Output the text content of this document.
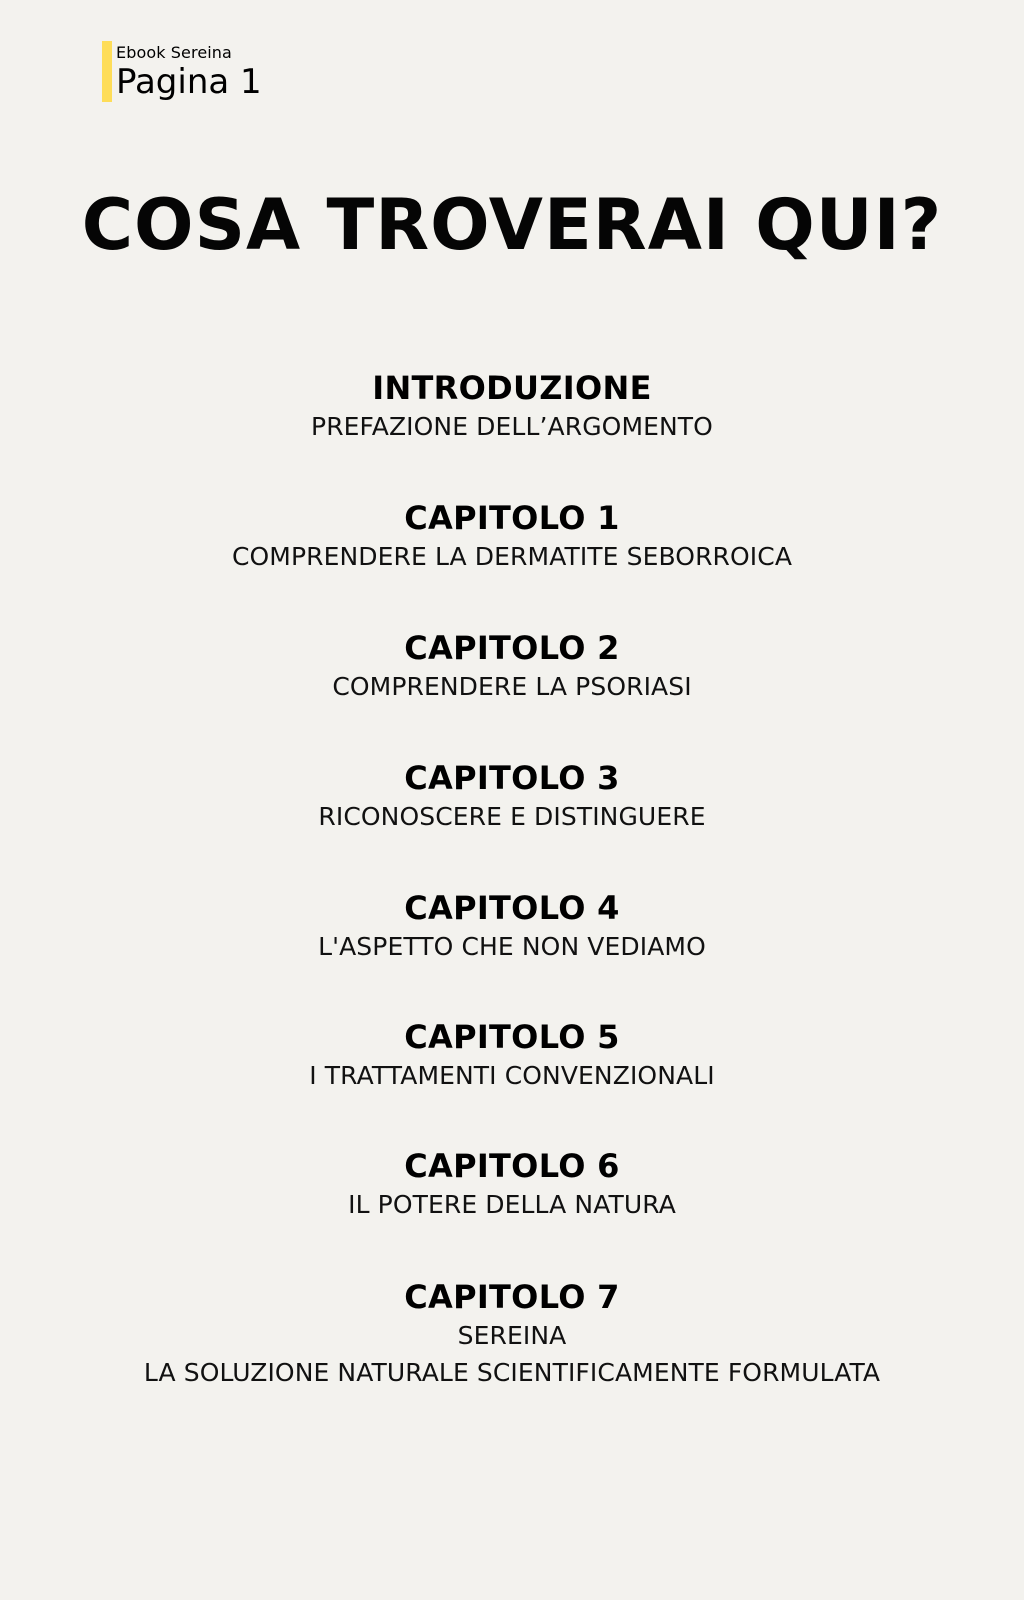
Ebook Sereina
Pagina 1
COSA TROVERAI QUI?
INTRODUZIONE
PREFAZIONE DELL’ARGOMENTO
CAPITOLO 1
COMPRENDERE LA DERMATITE SEBORROICA
CAPITOLO 2
COMPRENDERE LA PSORIASI
CAPITOLO 3
RICONOSCERE E DISTINGUERE
CAPITOLO 4
L'ASPETTO CHE NON VEDIAMO
CAPITOLO 5
I TRATTAMENTI CONVENZIONALI
CAPITOLO 6
IL POTERE DELLA NATURA
CAPITOLO 7
SEREINA
LA SOLUZIONE NATURALE SCIENTIFICAMENTE FORMULATA
